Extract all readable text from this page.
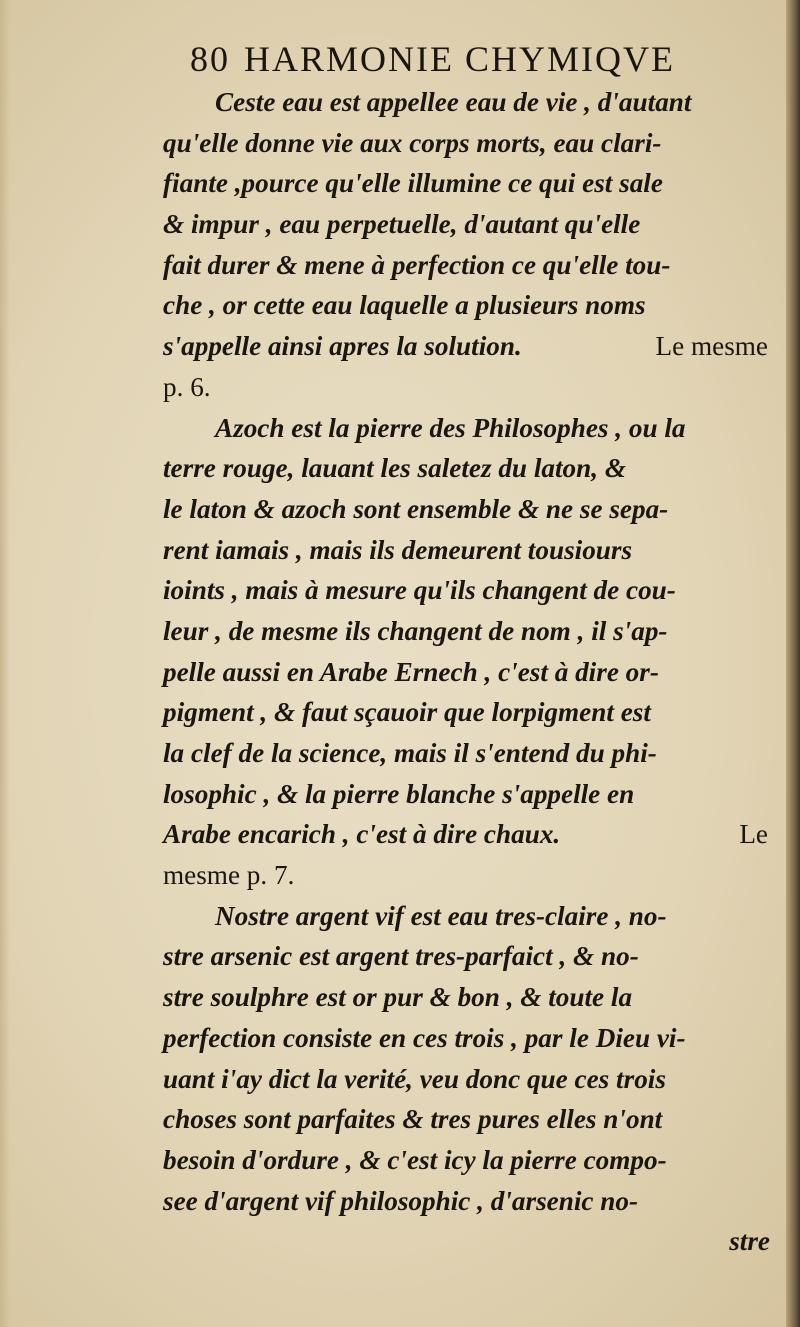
80 HARMONIE CHYMIQVE
Ceste eau est appellee eau de vie , d'autant
qu'elle donne vie aux corps morts, eau clari-
fiante ,pource qu'elle illumine ce qui est sale
& impur , eau perpetuelle, d'autant qu'elle
fait durer & mene à perfection ce qu'elle tou-
che , or cette eau laquelle a plusieurs noms
s'appelle ainsi apres la solution.	Le mesme
p. 6.
Azoch est la pierre des Philosophes , ou la
terre rouge, lauant les saletez du laton, &
le laton & azoch sont ensemble & ne se sepa-
rent iamais , mais ils demeurent tousiours
ioints , mais à mesure qu'ils changent de cou-
leur , de mesme ils changent de nom , il s'ap-
pelle aussi en Arabe Ernech , c'est à dire or-
pigment , & faut sçauoir que lorpigment est
la clef de la science, mais il s'entend du phi-
losophic , & la pierre blanche s'appelle en
Arabe encarich , c'est à dire chaux.	Le
mesme p. 7.
Nostre argent vif est eau tres-claire , no-
stre arsenic est argent tres-parfaict , & no-
stre soulphre est or pur & bon , & toute la
perfection consiste en ces trois , par le Dieu vi-
uant i'ay dict la verité, veu donc que ces trois
choses sont parfaites & tres pures elles n'ont
besoin d'ordure , & c'est icy la pierre compo-
see d'argent vif philosophic , d'arsenic no-
stre
